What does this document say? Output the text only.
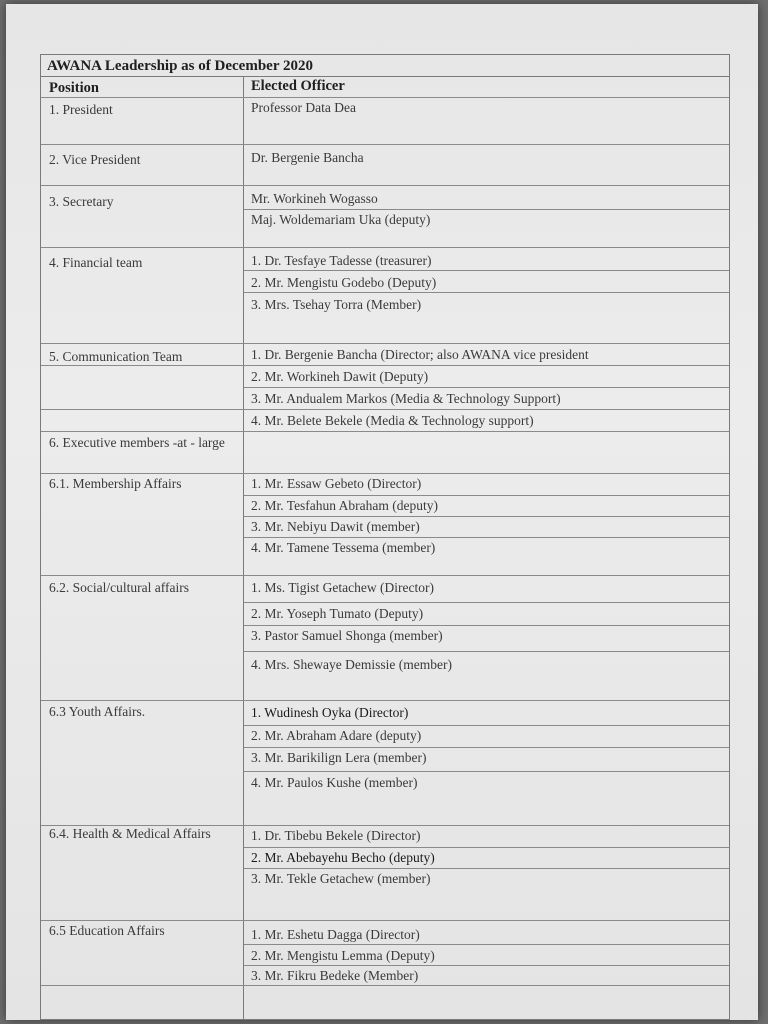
AWANA Leadership as of December 2020
Position	Elected Officer
1. President	Professor Data Dea
2. Vice President	Dr. Bergenie Bancha
3. Secretary	Mr. Workineh Wogasso
Maj. Woldemariam Uka (deputy)
4. Financial team	1. Dr. Tesfaye Tadesse (treasurer)
2. Mr. Mengistu Godebo (Deputy)
3. Mrs. Tsehay Torra (Member)
5. Communication Team	1. Dr. Bergenie Bancha (Director; also AWANA vice president
2. Mr. Workineh Dawit (Deputy)
3. Mr. Andualem Markos (Media & Technology Support)
4. Mr. Belete Bekele (Media & Technology support)
6. Executive members -at - large
6.1. Membership Affairs	1. Mr. Essaw Gebeto (Director)
2. Mr. Tesfahun Abraham (deputy)
3. Mr. Nebiyu Dawit (member)
4. Mr. Tamene Tessema (member)
6.2. Social/cultural affairs	1. Ms. Tigist Getachew (Director)
2. Mr. Yoseph Tumato (Deputy)
3. Pastor Samuel Shonga (member)
4. Mrs. Shewaye Demissie (member)
6.3 Youth Affairs.	1. Wudinesh Oyka (Director)
2. Mr. Abraham Adare (deputy)
3. Mr. Barikilign Lera (member)
4. Mr. Paulos Kushe (member)
6.4. Health & Medical Affairs	1. Dr. Tibebu Bekele (Director)
2. Mr. Abebayehu Becho (deputy)
3. Mr. Tekle Getachew (member)
6.5 Education Affairs	1. Mr. Eshetu Dagga (Director)
2. Mr. Mengistu Lemma (Deputy)
3. Mr. Fikru Bedeke (Member)
